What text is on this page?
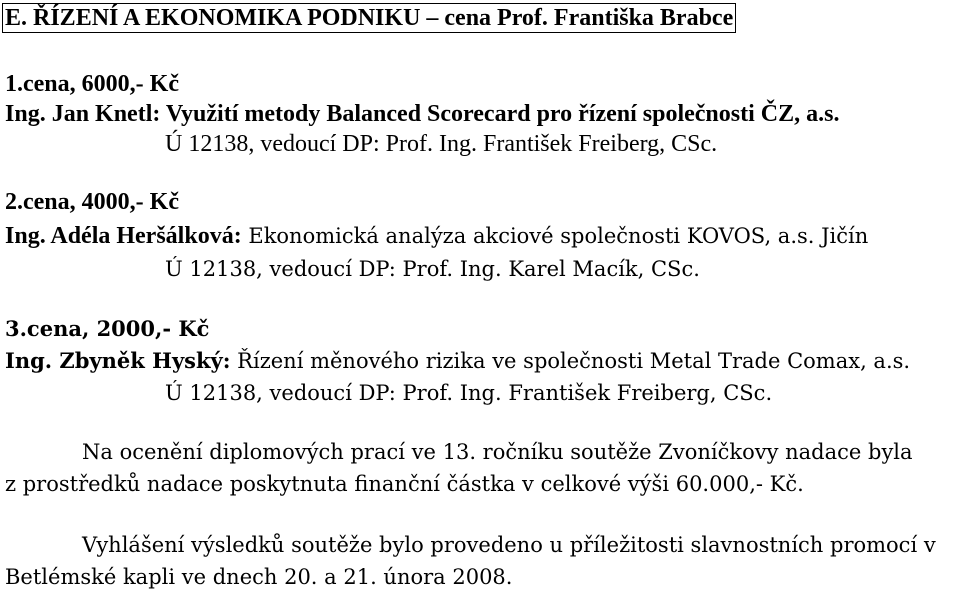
E. ŘÍZENÍ A EKONOMIKA PODNIKU – cena Prof. Františka Brabce
1.cena, 6000,- Kč
Ing. Jan Knetl: Využití metody Balanced Scorecard pro řízení společnosti ČZ, a.s.
Ú 12138, vedoucí DP: Prof. Ing. František Freiberg, CSc.
2.cena, 4000,- Kč
Ing. Adéla Heršálková: Ekonomická analýza akciové společnosti KOVOS, a.s. Jičín
Ú 12138, vedoucí DP: Prof. Ing. Karel Macík, CSc.
3.cena, 2000,- Kč
Ing. Zbyněk Hyský: Řízení měnového rizika ve společnosti Metal Trade Comax, a.s.
Ú 12138, vedoucí DP: Prof. Ing. František Freiberg, CSc.
Na ocenění diplomových prací ve 13. ročníku soutěže Zvoníčkovy nadace byla
z prostředků nadace poskytnuta finanční částka v celkové výši 60.000,- Kč.
Vyhlášení výsledků soutěže bylo provedeno u příležitosti slavnostních promocí v
Betlémské kapli ve dnech 20. a 21. února 2008.
